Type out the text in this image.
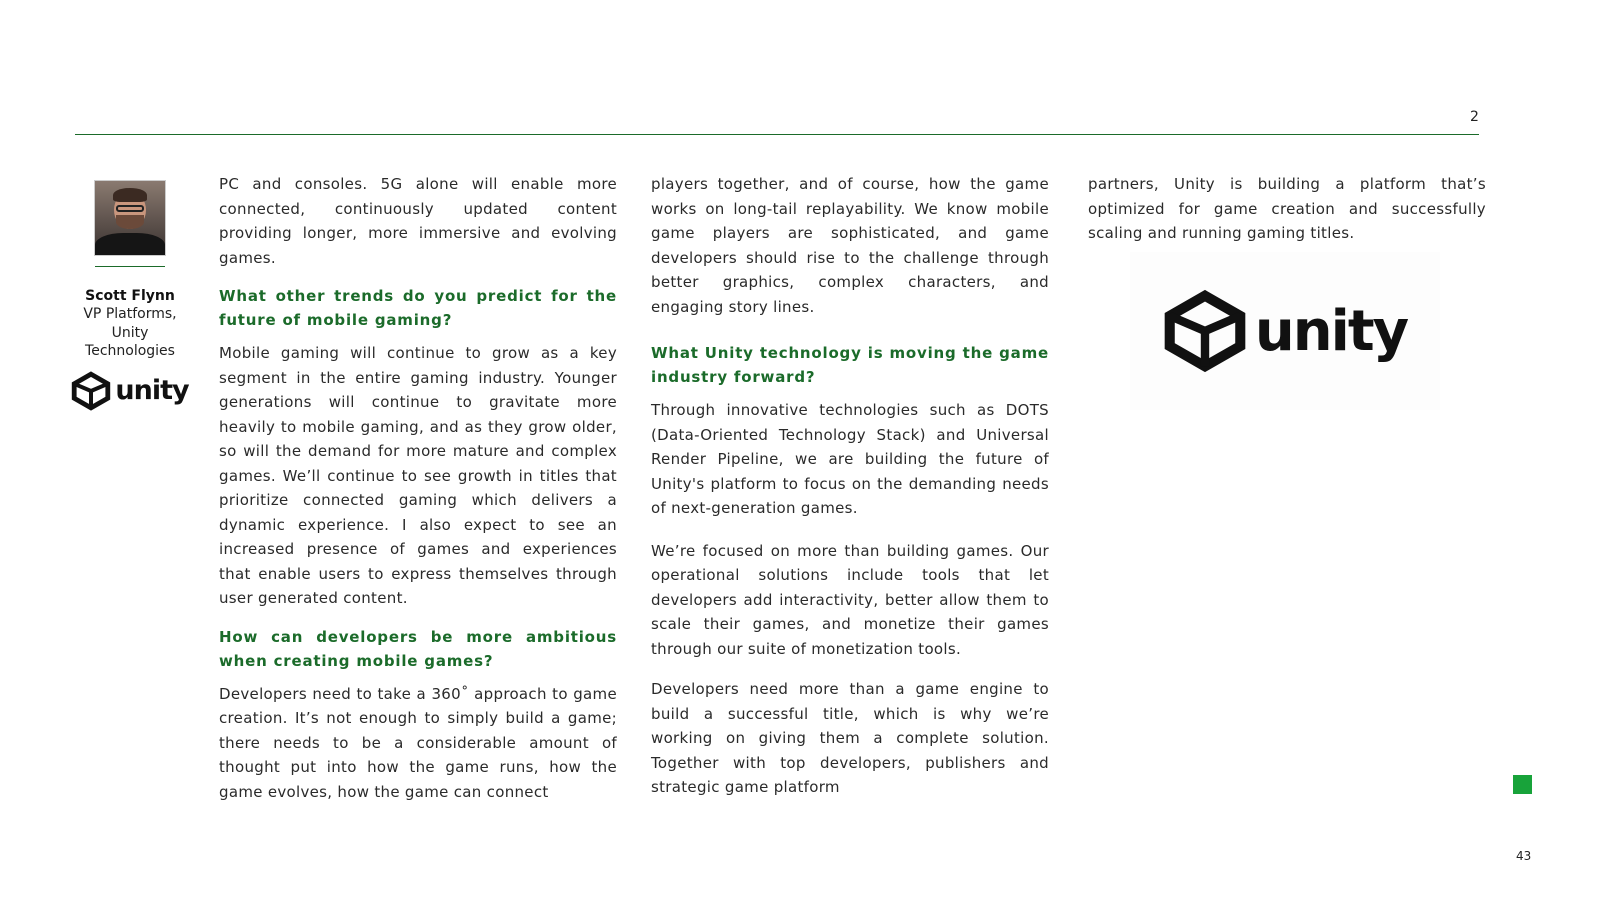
2
Scott Flynn
VP Platforms,
Unity
Technologies
unity

PC and consoles. 5G alone will enable more connected, continuously updated content providing longer, more immersive and evolving games.

What other trends do you predict for the future of mobile gaming?

Mobile gaming will continue to grow as a key segment in the entire gaming industry. Younger generations will continue to gravitate more heavily to mobile gaming, and as they grow older, so will the demand for more mature and complex games. We’ll continue to see growth in titles that prioritize connected gaming which delivers a dynamic experience. I also expect to see an increased presence of games and experiences that enable users to express themselves through user generated content.

How can developers be more ambitious when creating mobile games?

Developers need to take a 360˚ approach to game creation. It’s not enough to simply build a game; there needs to be a considerable amount of thought put into how the game runs, how the game evolves, how the game can connect

players together, and of course, how the game works on long-tail replayability. We know mobile game players are sophisticated, and game developers should rise to the challenge through better graphics, complex characters, and engaging story lines.

What Unity technology is moving the game industry forward?

Through innovative technologies such as DOTS (Data-Oriented Technology Stack) and Universal Render Pipeline, we are building the future of Unity's platform to focus on the demanding needs of next-generation games.

We’re focused on more than building games. Our operational solutions include tools that let developers add interactivity, better allow them to scale their games, and monetize their games through our suite of monetization tools.

Developers need more than a game engine to build a successful title, which is why we’re working on giving them a complete solution. Together with top developers, publishers and strategic game platform

partners, Unity is building a platform that’s optimized for game creation and successfully scaling and running gaming titles.

unity
43
